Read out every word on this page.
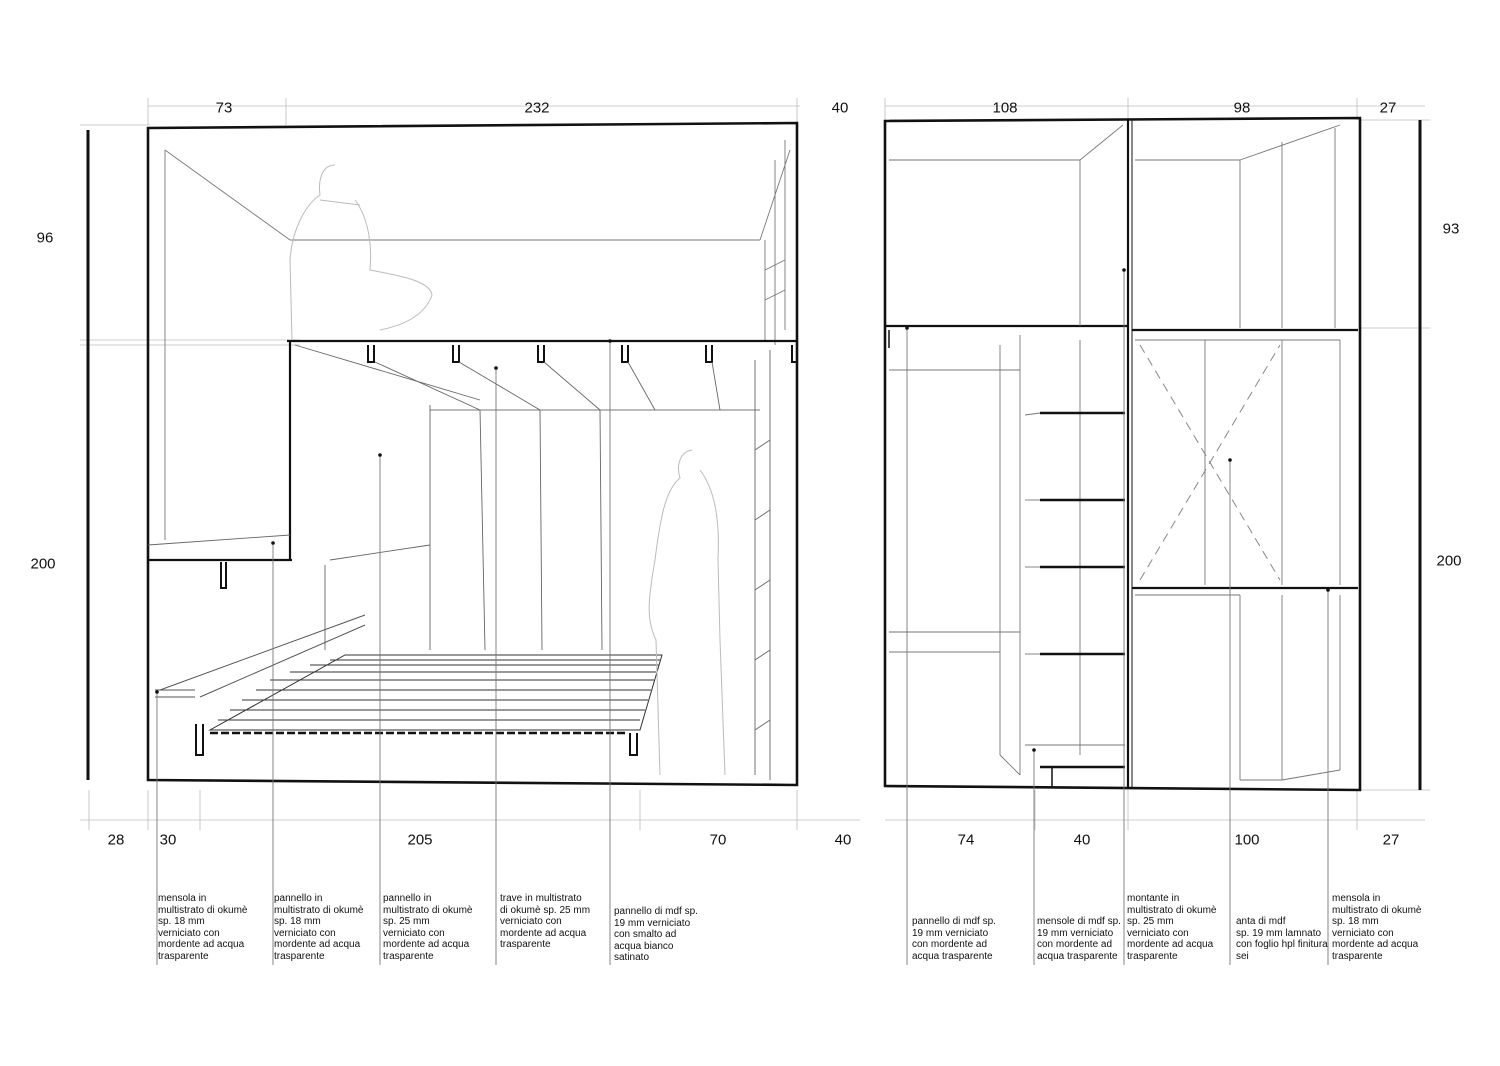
73	232	40
96
200
28 30	205	70	40
mensola in
multistrato di okumè
sp. 18 mm
verniciato con
mordente ad acqua
trasparente
pannello in
multistrato di okumè
sp. 18 mm
verniciato con
mordente ad acqua
trasparente
pannello in
multistrato di okumè
sp. 25 mm
verniciato con
mordente ad acqua
trasparente
trave in multistrato
di okumè sp. 25 mm
verniciato con
mordente ad acqua
trasparente
pannello di mdf sp.
19 mm verniciato
con smalto ad
acqua bianco
satinato
108	98	27
93
200
74	40	100	27
pannello di mdf sp.
19 mm verniciato
con mordente ad
acqua trasparente
mensole di mdf sp.
19 mm verniciato
con mordente ad
acqua trasparente
montante in
multistrato di okumè
sp. 25 mm
verniciato con
mordente ad acqua
trasparente
anta di mdf
sp. 19 mm lamnato
con foglio hpl finitura
sei
mensola in
multistrato di okumè
sp. 18 mm
verniciato con
mordente ad acqua
trasparente
